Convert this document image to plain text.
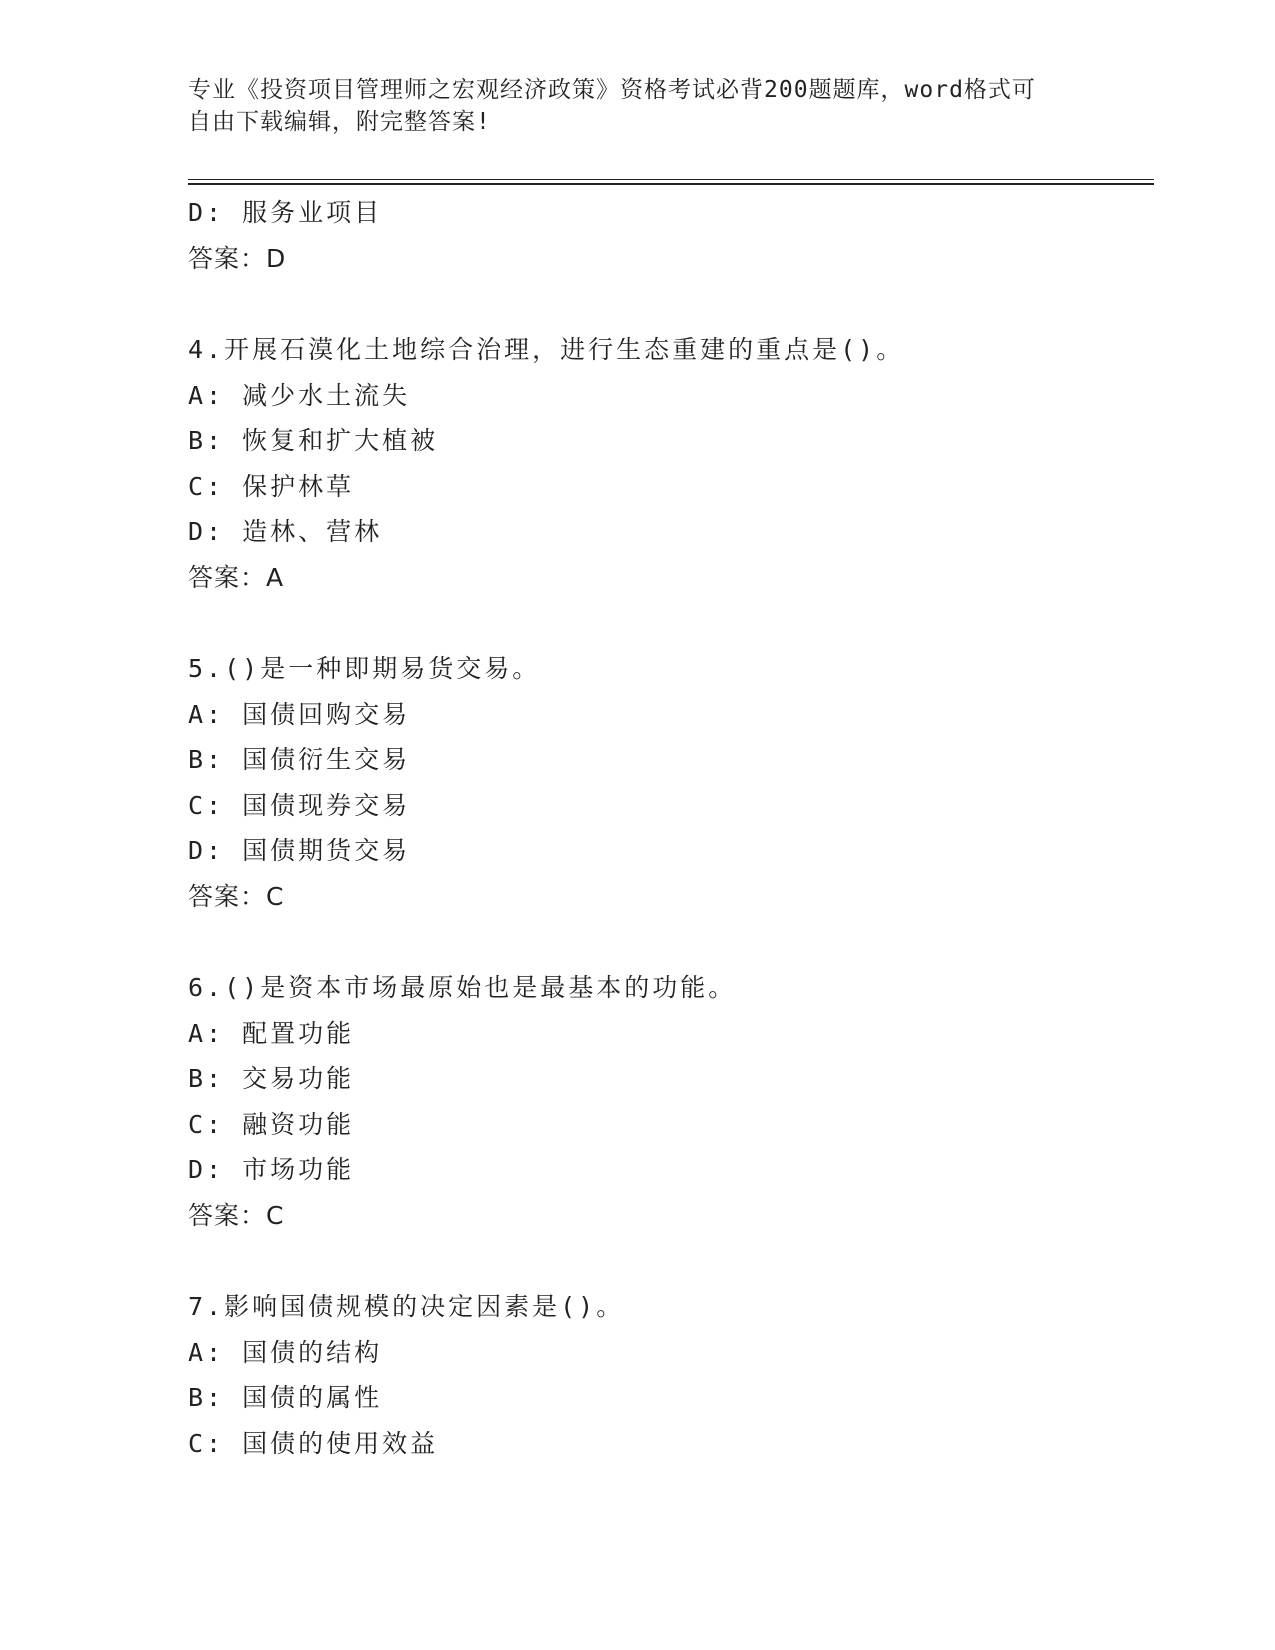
专业《投资项目管理师之宏观经济政策》资格考试必背200题题库，word格式可
自由下载编辑，附完整答案!
D: 服务业项目
答案：D
4.开展石漠化土地综合治理，进行生态重建的重点是()。
A: 减少水土流失
B: 恢复和扩大植被
C: 保护林草
D: 造林、营林
答案：A
5.()是一种即期易货交易。
A: 国债回购交易
B: 国债衍生交易
C: 国债现券交易
D: 国债期货交易
答案：C
6.()是资本市场最原始也是最基本的功能。
A: 配置功能
B: 交易功能
C: 融资功能
D: 市场功能
答案：C
7.影响国债规模的决定因素是()。
A: 国债的结构
B: 国债的属性
C: 国债的使用效益
